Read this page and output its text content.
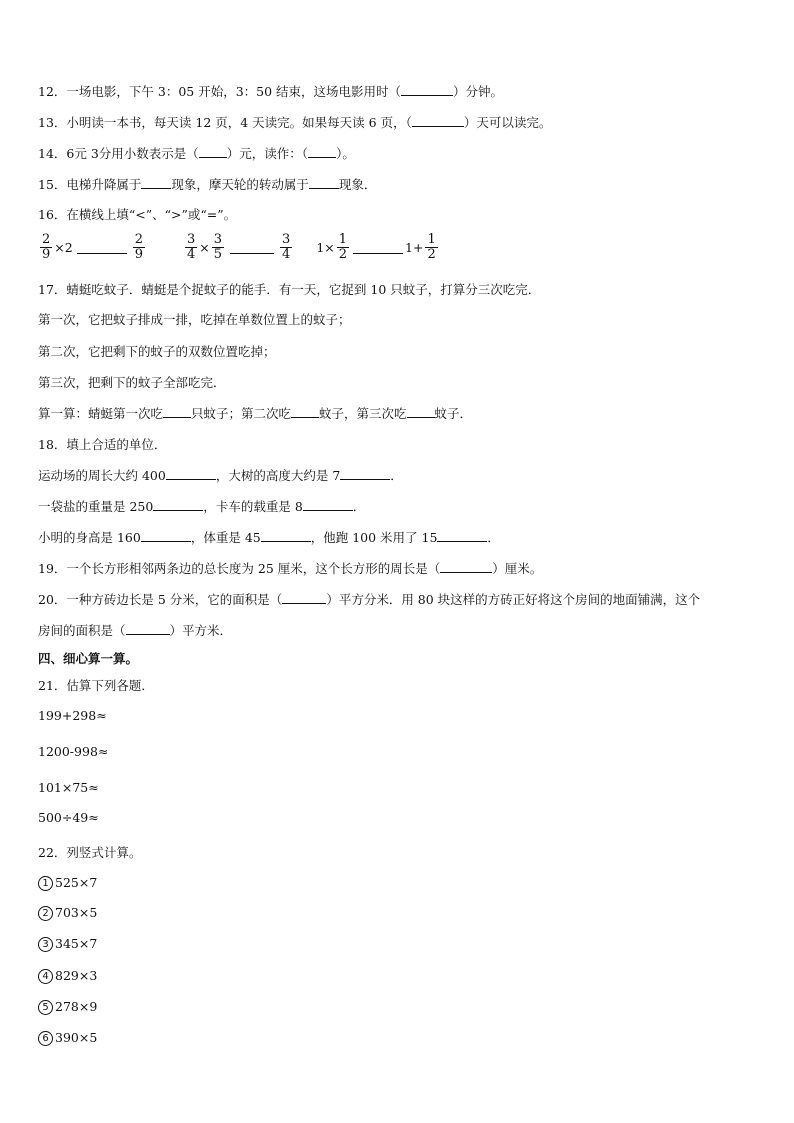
12．一场电影，下午 3：05 开始，3：50 结束，这场电影用时（	）分钟。
13．小明读一本书，每天读 12 页，4 天读完。如果每天读 6 页，（	）天可以读完。
14．6元 3分用小数表示是（ ）元，读作：（ ）。
15．电梯升降属于 现象，摩天轮的转动属于 现象．
16．在横线上填“<”、“>”或“=”。
$\frac{2}{9} \times 2$	$\frac{2}{9}$	$\frac{3}{4} \times \frac{3}{5}$	$\frac{3}{4} 1\times \frac{1}{2}$	$1+ \frac{1}{2}$
17．蜻蜓吃蚊子．蜻蜓是个捉蚊子的能手．有一天，它捉到 10 只蚊子，打算分三次吃完．
第一次，它把蚊子排成一排，吃掉在单数位置上的蚊子；
第二次，它把剩下的蚊子的双数位置吃掉；
第三次，把剩下的蚊子全部吃完．
算一算：蜻蜓第一次吃 只蚊子；第二次吃 蚊子，第三次吃 蚊子．
18．填上合适的单位．
运动场的周长大约 400	，大树的高度大约是 7	．
一袋盐的重量是 250	，卡车的载重是 8	．
小明的身高是 160	，体重是 45	，他跑 100 米用了 15	．
19．一个长方形相邻两条边的总长度为 25 厘米，这个长方形的周长是（	）厘米。
20．一种方砖边长是 5 分米，它的面积是（	）平方分米．用 80 块这样的方砖正好将这个房间的地面铺满，这个
房间的面积是（	）平方米．
四、细心算一算。
21．估算下列各题．
199+298≈
1200-998≈
101×75≈
500÷49≈
22．列竖式计算。
1 525×7
2 703×5
3 345×7
4 829×3
5 278×9
6 390×5
